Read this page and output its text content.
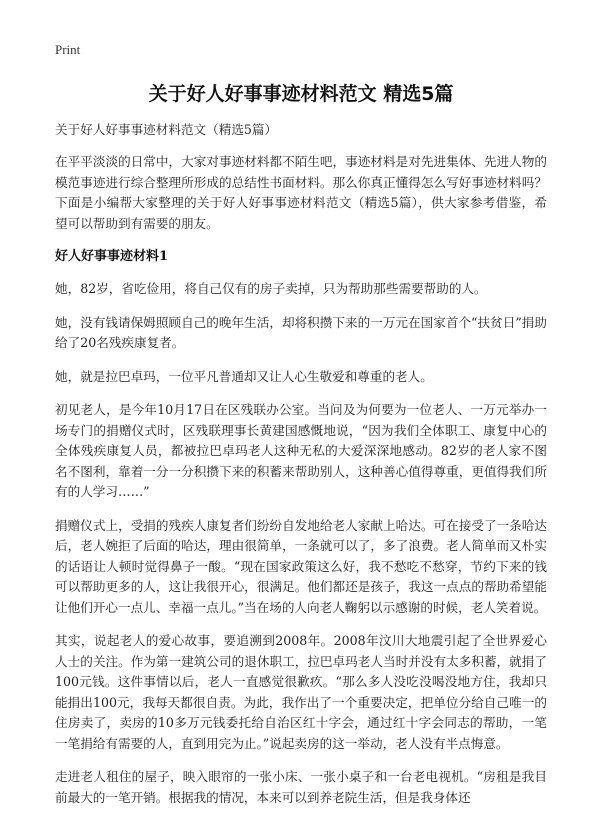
Print
关于好人好事事迹材料范文 精选5篇
关于好人好事事迹材料范文（精选5篇）

在平平淡淡的日常中，大家对事迹材料都不陌生吧，事迹材料是对先进集体、先进人物的模范事迹进行综合整理所形成的总结性书面材料。那么你真正懂得怎么写好事迹材料吗？下面是小编帮大家整理的关于好人好事事迹材料范文（精选5篇），供大家参考借鉴，希望可以帮助到有需要的朋友。

好人好事事迹材料1

她，82岁，省吃俭用，将自己仅有的房子卖掉，只为帮助那些需要帮助的人。

她，没有钱请保姆照顾自己的晚年生活，却将积攒下来的一万元在国家首个“扶贫日”捐助给了20名残疾康复者。

她，就是拉巴卓玛，一位平凡普通却又让人心生敬爱和尊重的老人。

初见老人，是今年10月17日在区残联办公室。当问及为何要为一位老人、一万元举办一场专门的捐赠仪式时，区残联理事长黄建国感慨地说，“因为我们全体职工、康复中心的全体残疾康复人员，都被拉巴卓玛老人这种无私的大爱深深地感动。82岁的老人家不图名不图利，靠着一分一分积攒下来的积蓄来帮助别人，这种善心值得尊重，更值得我们所有的人学习……”

捐赠仪式上，受捐的残疾人康复者们纷纷自发地给老人家献上哈达。可在接受了一条哈达后，老人婉拒了后面的哈达，理由很简单，一条就可以了，多了浪费。老人简单而又朴实的话语让人顿时觉得鼻子一酸。“现在国家政策这么好，我不愁吃不愁穿，节约下来的钱可以帮助更多的人，这让我很开心，很满足。他们都还是孩子，我这一点点的帮助希望能让他们开心一点儿、幸福一点儿。”当在场的人向老人鞠躬以示感谢的时候，老人笑着说。

其实，说起老人的爱心故事，要追溯到2008年。2008年汶川大地震引起了全世界爱心人士的关注。作为第一建筑公司的退休职工，拉巴卓玛老人当时并没有太多积蓄，就捐了100元钱。这件事情以后，老人一直感觉很歉疚。“那么多人没吃没喝没地方住，我却只能捐出100元，我每天都很自责。为此，我作出了一个重要决定，把单位分给自己唯一的住房卖了，卖房的10多万元钱委托给自治区红十字会，通过红十字会同志的帮助，一笔一笔捐给有需要的人，直到用完为止。”说起卖房的这一举动，老人没有半点悔意。

走进老人租住的屋子，映入眼帘的一张小床、一张小桌子和一台老电视机。“房租是我目前最大的一笔开销。根据我的情况，本来可以到养老院生活，但是我身体还
